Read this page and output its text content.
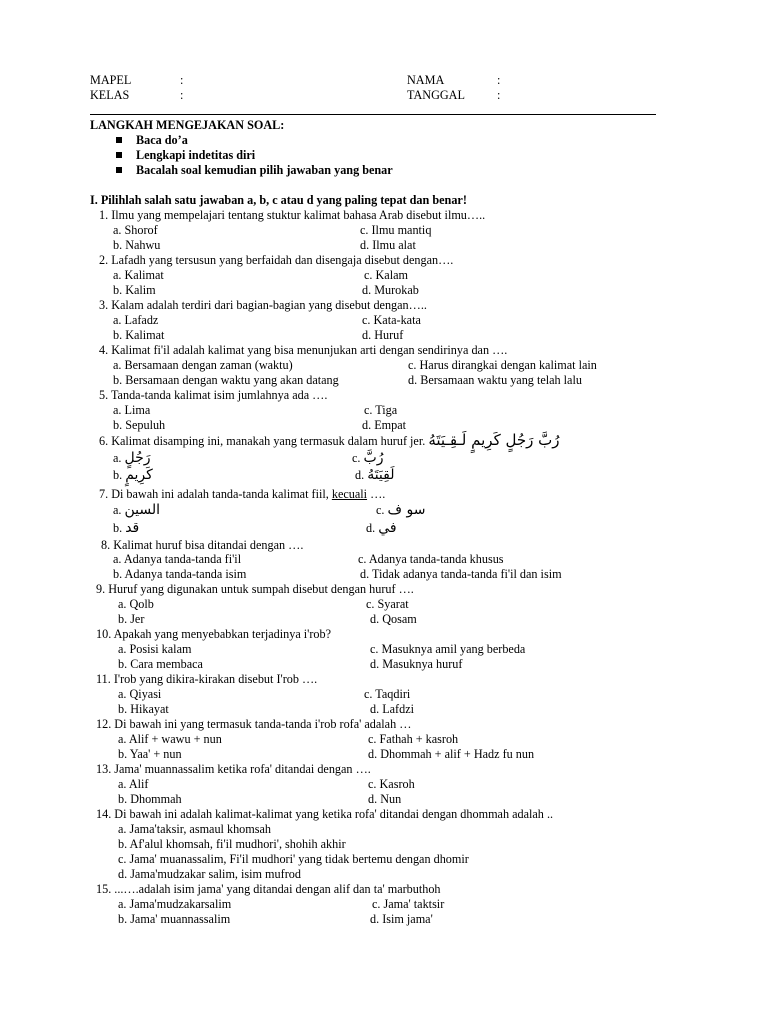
MAPEL	:	NAMA	:
KELAS	:	TANGGAL	:
LANGKAH MENGEJAKAN SOAL:
Baca do’a
Lengkapi indetitas diri
Bacalah soal kemudian pilih jawaban yang benar
I. Pilihlah salah satu jawaban a, b, c atau d yang paling tepat dan benar!
1. Ilmu yang mempelajari tentang stuktur kalimat bahasa Arab disebut ilmu…..
a. Shorof	c. Ilmu mantiq
b. Nahwu	d. Ilmu alat
2. Lafadh yang tersusun yang berfaidah dan disengaja disebut dengan….
a. Kalimat	c. Kalam
b. Kalim	d. Murokab
3. Kalam adalah terdiri dari bagian-bagian yang disebut dengan…..
a. Lafadz	c. Kata-kata
b. Kalimat	d. Huruf
4. Kalimat fi'il adalah kalimat yang bisa menunjukan arti dengan sendirinya dan ….
a. Bersamaan dengan zaman (waktu)	c. Harus dirangkai dengan kalimat lain
b. Bersamaan dengan waktu yang akan datang	d. Bersamaan waktu yang telah lalu
5. Tanda-tanda kalimat isim jumlahnya ada ….
a. Lima	c. Tiga
b. Sepuluh	d. Empat
6. Kalimat disamping ini, manakah yang termasuk dalam huruf jer. رُبَّ رَجُلٍ كَرِيمٍ لَـقِـيَتَهُ
a. رَجُلٍ	c. رُبَّ
b. كَرِيمٍ	d. لَقِيَتَهُ
7. Di bawah ini adalah tanda-tanda kalimat fiil, kecuali ….
a. السين	c. سو ف
b. قد	d. في
8. Kalimat huruf bisa ditandai dengan ….
a. Adanya tanda-tanda fi'il	c. Adanya tanda-tanda khusus
b. Adanya tanda-tanda isim	d. Tidak adanya tanda-tanda fi'il dan isim
9. Huruf yang digunakan untuk sumpah disebut dengan huruf ….
a. Qolb	c. Syarat
b. Jer	d. Qosam
10. Apakah yang menyebabkan terjadinya i'rob?
a. Posisi kalam	c. Masuknya amil yang berbeda
b. Cara membaca	d. Masuknya huruf
11. I'rob yang dikira-kirakan disebut I'rob ….
a. Qiyasi	c. Taqdiri
b. Hikayat	d. Lafdzi
12. Di bawah ini yang termasuk tanda-tanda i'rob rofa' adalah …
a. Alif + wawu + nun	c. Fathah + kasroh
b. Yaa' + nun	d. Dhommah + alif + Hadz fu nun
13. Jama' muannassalim ketika rofa' ditandai dengan ….
a. Alif	c. Kasroh
b. Dhommah	d. Nun
14. Di bawah ini adalah kalimat-kalimat yang ketika rofa' ditandai dengan dhommah adalah ..
a. Jama'taksir, asmaul khomsah
b. Af'alul khomsah, fi'il mudhori', shohih akhir
c. Jama' muanassalim, Fi'il mudhori' yang tidak bertemu dengan dhomir
d. Jama'mudzakar salim, isim mufrod
15. ...….adalah isim jama' yang ditandai dengan alif dan ta' marbuthoh
a. Jama'mudzakarsalim	c. Jama' taktsir
b. Jama' muannassalim	d. Isim jama'
